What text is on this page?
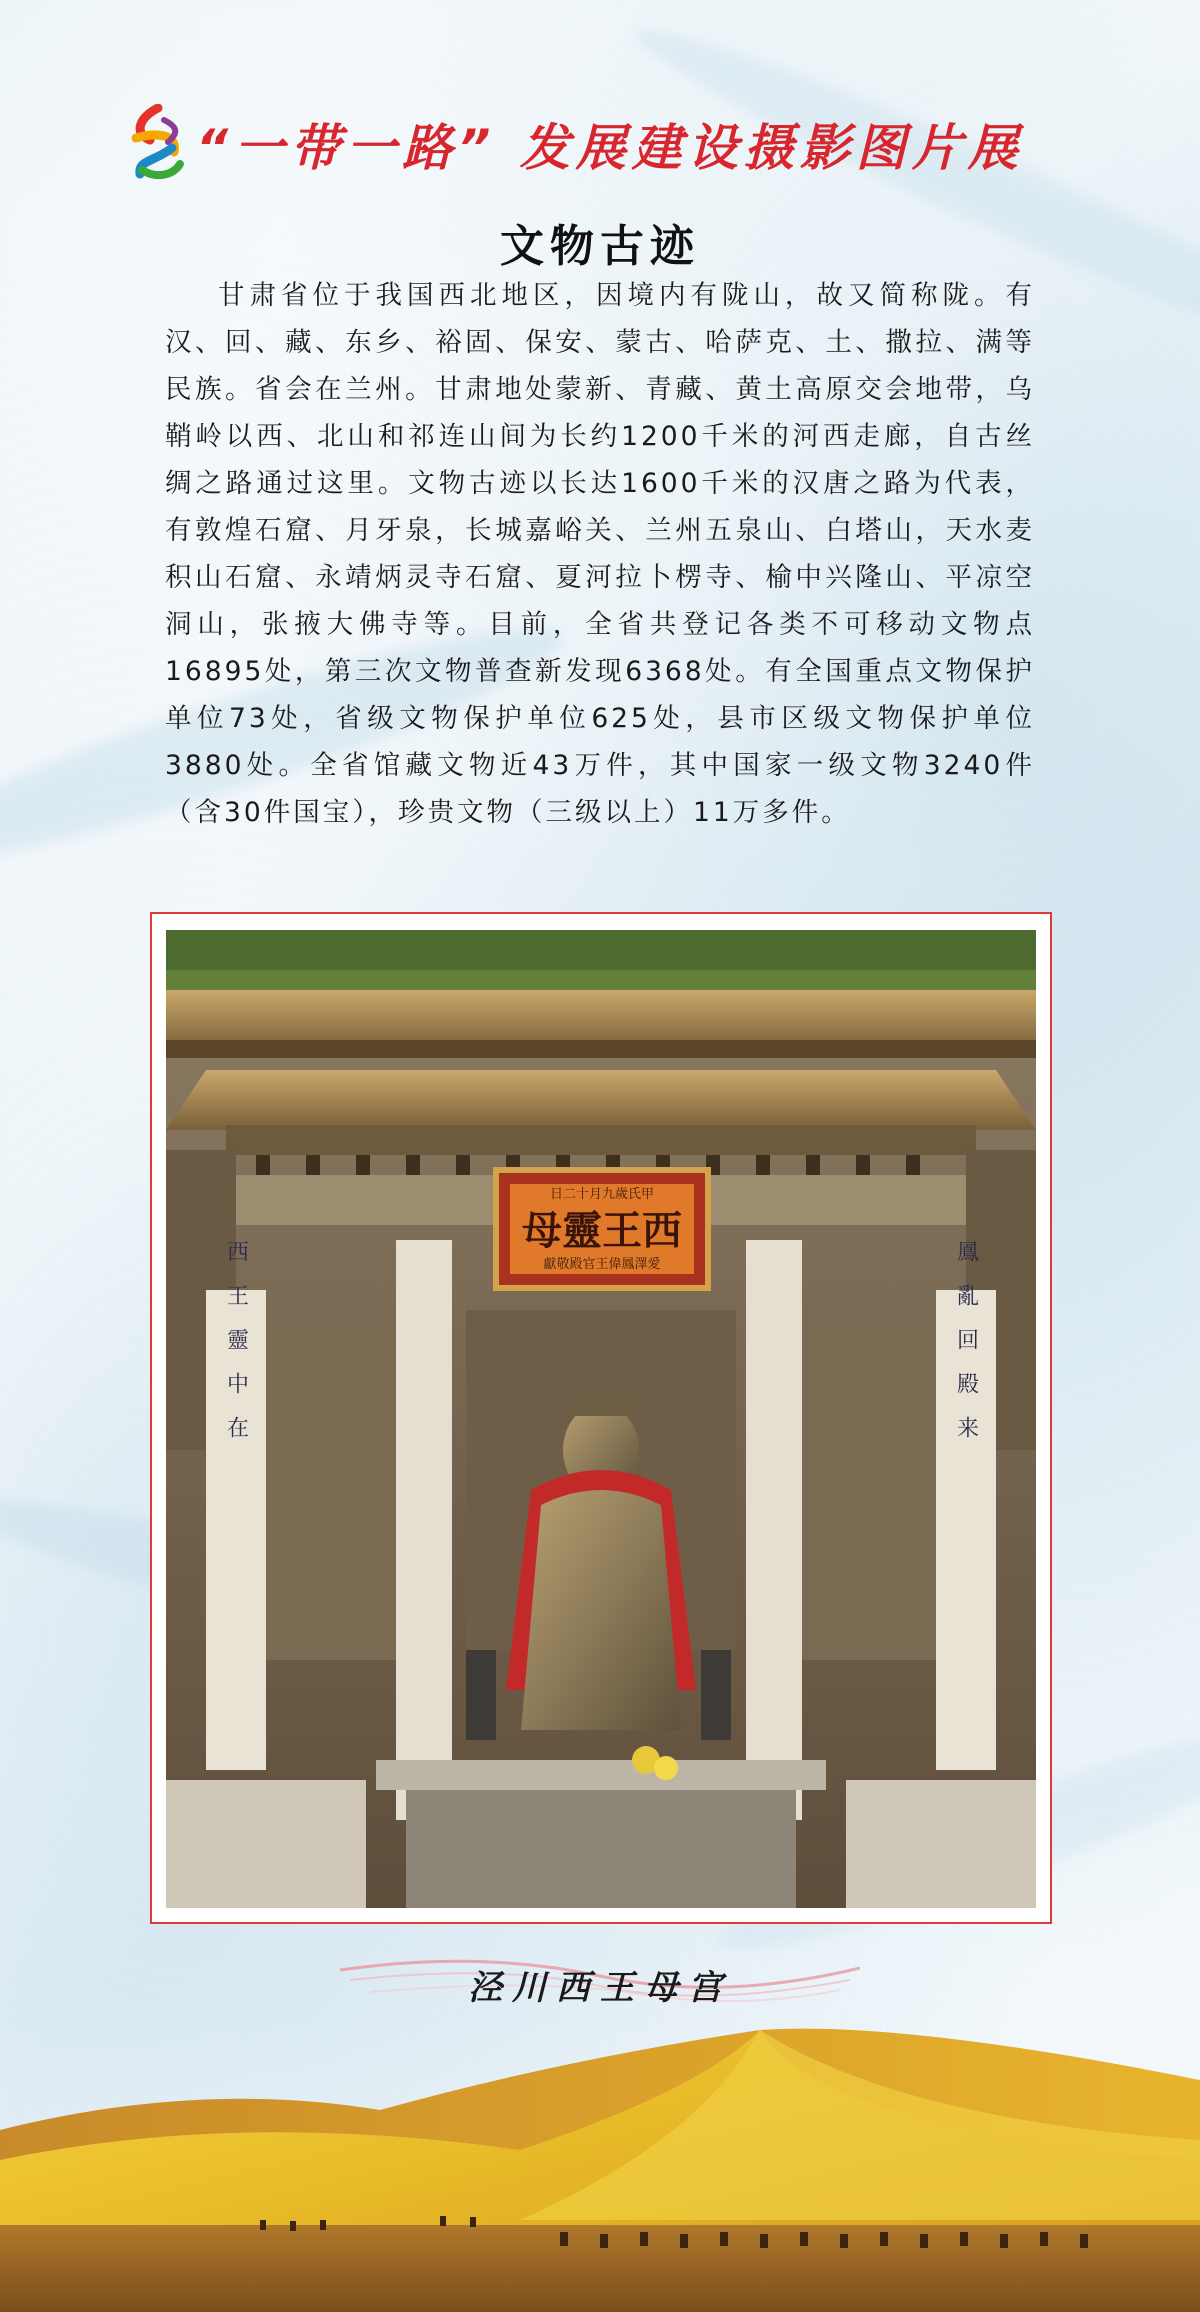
“一带一路” 发展建设摄影图片展
文物古迹
甘肃省位于我国西北地区，因境内有陇山，故又简称陇。有汉、回、藏、东乡、裕固、保安、蒙古、哈萨克、土、撒拉、满等民族。省会在兰州。甘肃地处蒙新、青藏、黄土高原交会地带，乌鞘岭以西、北山和祁连山间为长约1200千米的河西走廊，自古丝绸之路通过这里。文物古迹以长达1600千米的汉唐之路为代表，有敦煌石窟、月牙泉，长城嘉峪关、兰州五泉山、白塔山，天水麦积山石窟、永靖炳灵寺石窟、夏河拉卜楞寺、榆中兴隆山、平凉空洞山，张掖大佛寺等。目前，全省共登记各类不可移动文物点16895处，第三次文物普查新发现6368处。有全国重点文物保护单位73处，省级文物保护单位625处，县市区级文物保护单位3880处。全省馆藏文物近43万件，其中国家一级文物3240件（含30件国宝），珍贵文物（三级以上）11万多件。
日二十月九歲氏甲
母靈王西
獻敬殿官王偉鳳澤愛
西王靈中在	鳳亂回殿来
泾川西王母宫
